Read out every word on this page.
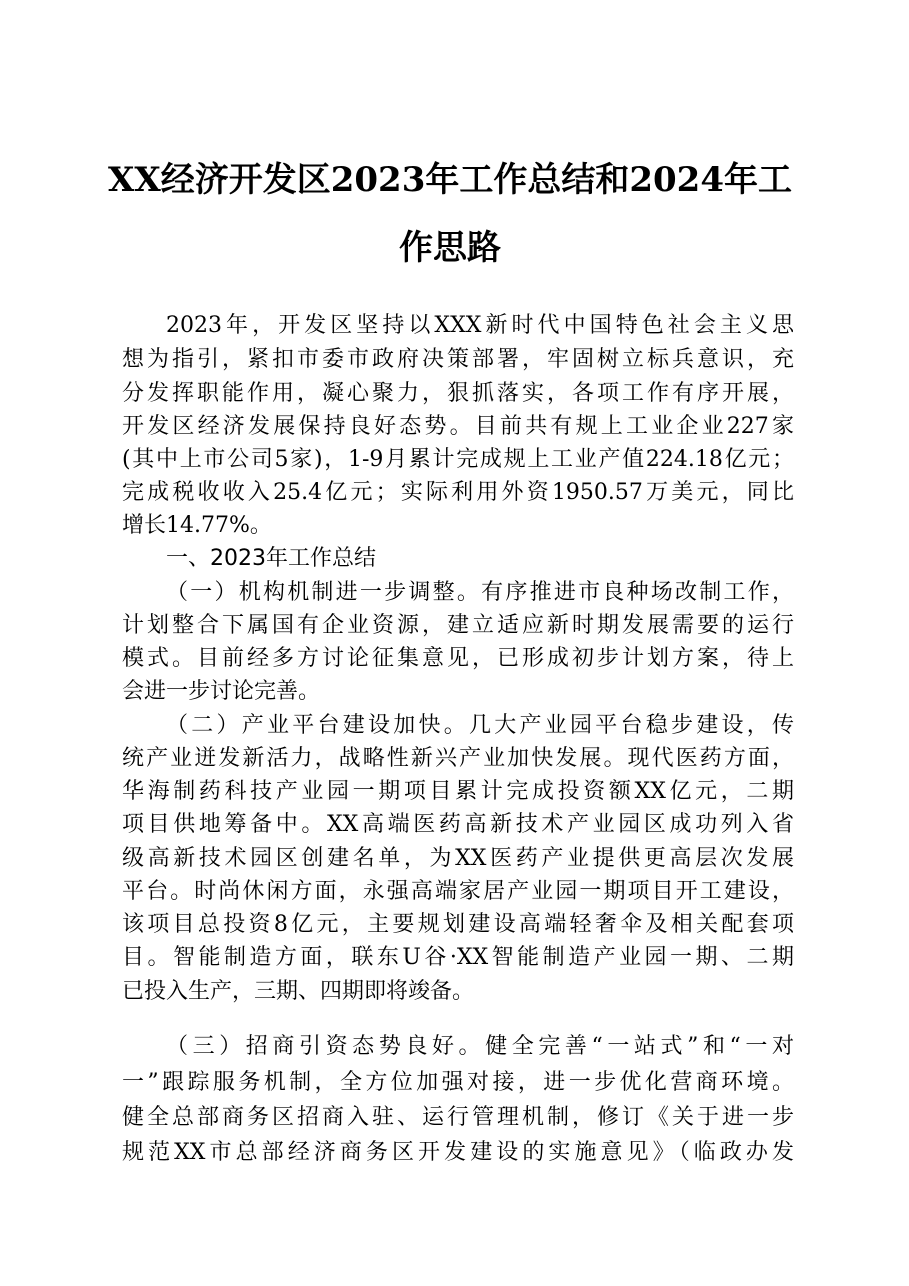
XX经济开发区2023年工作总结和2024年工
作思路
2023年，开发区坚持以XXX新时代中国特色社会主义思
想为指引，紧扣市委市政府决策部署，牢固树立标兵意识，充
分发挥职能作用，凝心聚力，狠抓落实，各项工作有序开展，
开发区经济发展保持良好态势。目前共有规上工业企业227家
(其中上市公司5家)，1-9月累计完成规上工业产值224.18亿元；
完成税收收入25.4亿元；实际利用外资1950.57万美元，同比
增长14.77%。
一、2023年工作总结
（一）机构机制进一步调整。有序推进市良种场改制工作，
计划整合下属国有企业资源，建立适应新时期发展需要的运行
模式。目前经多方讨论征集意见，已形成初步计划方案，待上
会进一步讨论完善。
（二）产业平台建设加快。几大产业园平台稳步建设，传
统产业迸发新活力，战略性新兴产业加快发展。现代医药方面，
华海制药科技产业园一期项目累计完成投资额XX亿元，二期
项目供地筹备中。XX高端医药高新技术产业园区成功列入省
级高新技术园区创建名单，为XX医药产业提供更高层次发展
平台。时尚休闲方面，永强高端家居产业园一期项目开工建设，
该项目总投资8亿元，主要规划建设高端轻奢伞及相关配套项
目。智能制造方面，联东U谷·XX智能制造产业园一期、二期
已投入生产，三期、四期即将竣备。
（三）招商引资态势良好。健全完善“一站式”和“一对
一”跟踪服务机制，全方位加强对接，进一步优化营商环境。
健全总部商务区招商入驻、运行管理机制，修订《关于进一步
规范XX市总部经济商务区开发建设的实施意见》（临政办发
